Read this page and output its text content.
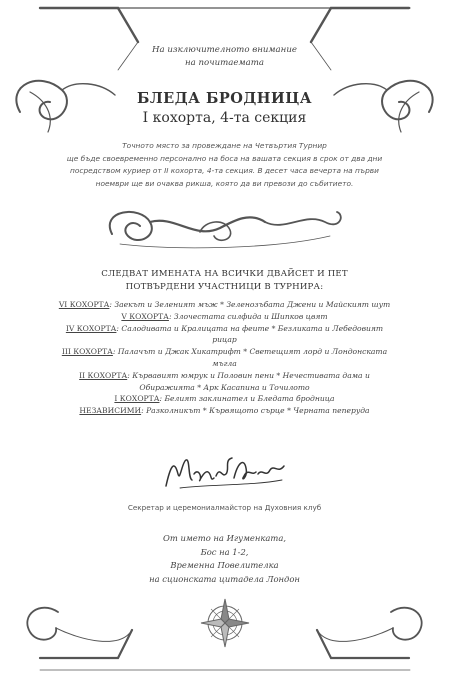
На изключителното внимание
на почитаемата
БЛЕДА БРОДНИЦА
I кохорта, 4-та секция
Точното място за провеждане на Четвъртия Турнир
ще бъде своевременно персонално на боса на вашата секция в срок от два дни
посредством куриер от II кохорта, 4-та секция. В десет часа вечерта на първи
ноември ще ви очаква рикша, която да ви превози до събитието.
СЛЕДВАТ ИМЕНАТА НА ВСИЧКИ ДВАЙСЕТ И ПЕТ
ПОТВЪРДЕНИ УЧАСТНИЦИ В ТУРНИРА:
VI КОХОРТА: Заекът и Зеленият мъж * Зеленозъбата Джени и Майският шут
V КОХОРТА: Злочестата силфида и Шипков цвят
IV КОХОРТА: Салодивата и Кралицата на феите * Безликата и Лебедовият
рицар
III КОХОРТА: Палачът и Джак Хикатрифт * Светещият лорд и Лондонската
мъгла
II КОХОРТА: Кървавият юмрук и Половин пени * Нечестивата дама и
Обиражията * Арк Касапина и Точилото
I КОХОРТА: Белият заклинател и Бледата бродница
НЕЗАВИСИМИ: Разколникът * Кървящото сърце * Черната пеперуда
Секретар и церемониалмайстор на Духовния клуб
От името на Игуменката,
Бос на 1-2,
Временна Повелителка
на сционската цитадела Лондон
